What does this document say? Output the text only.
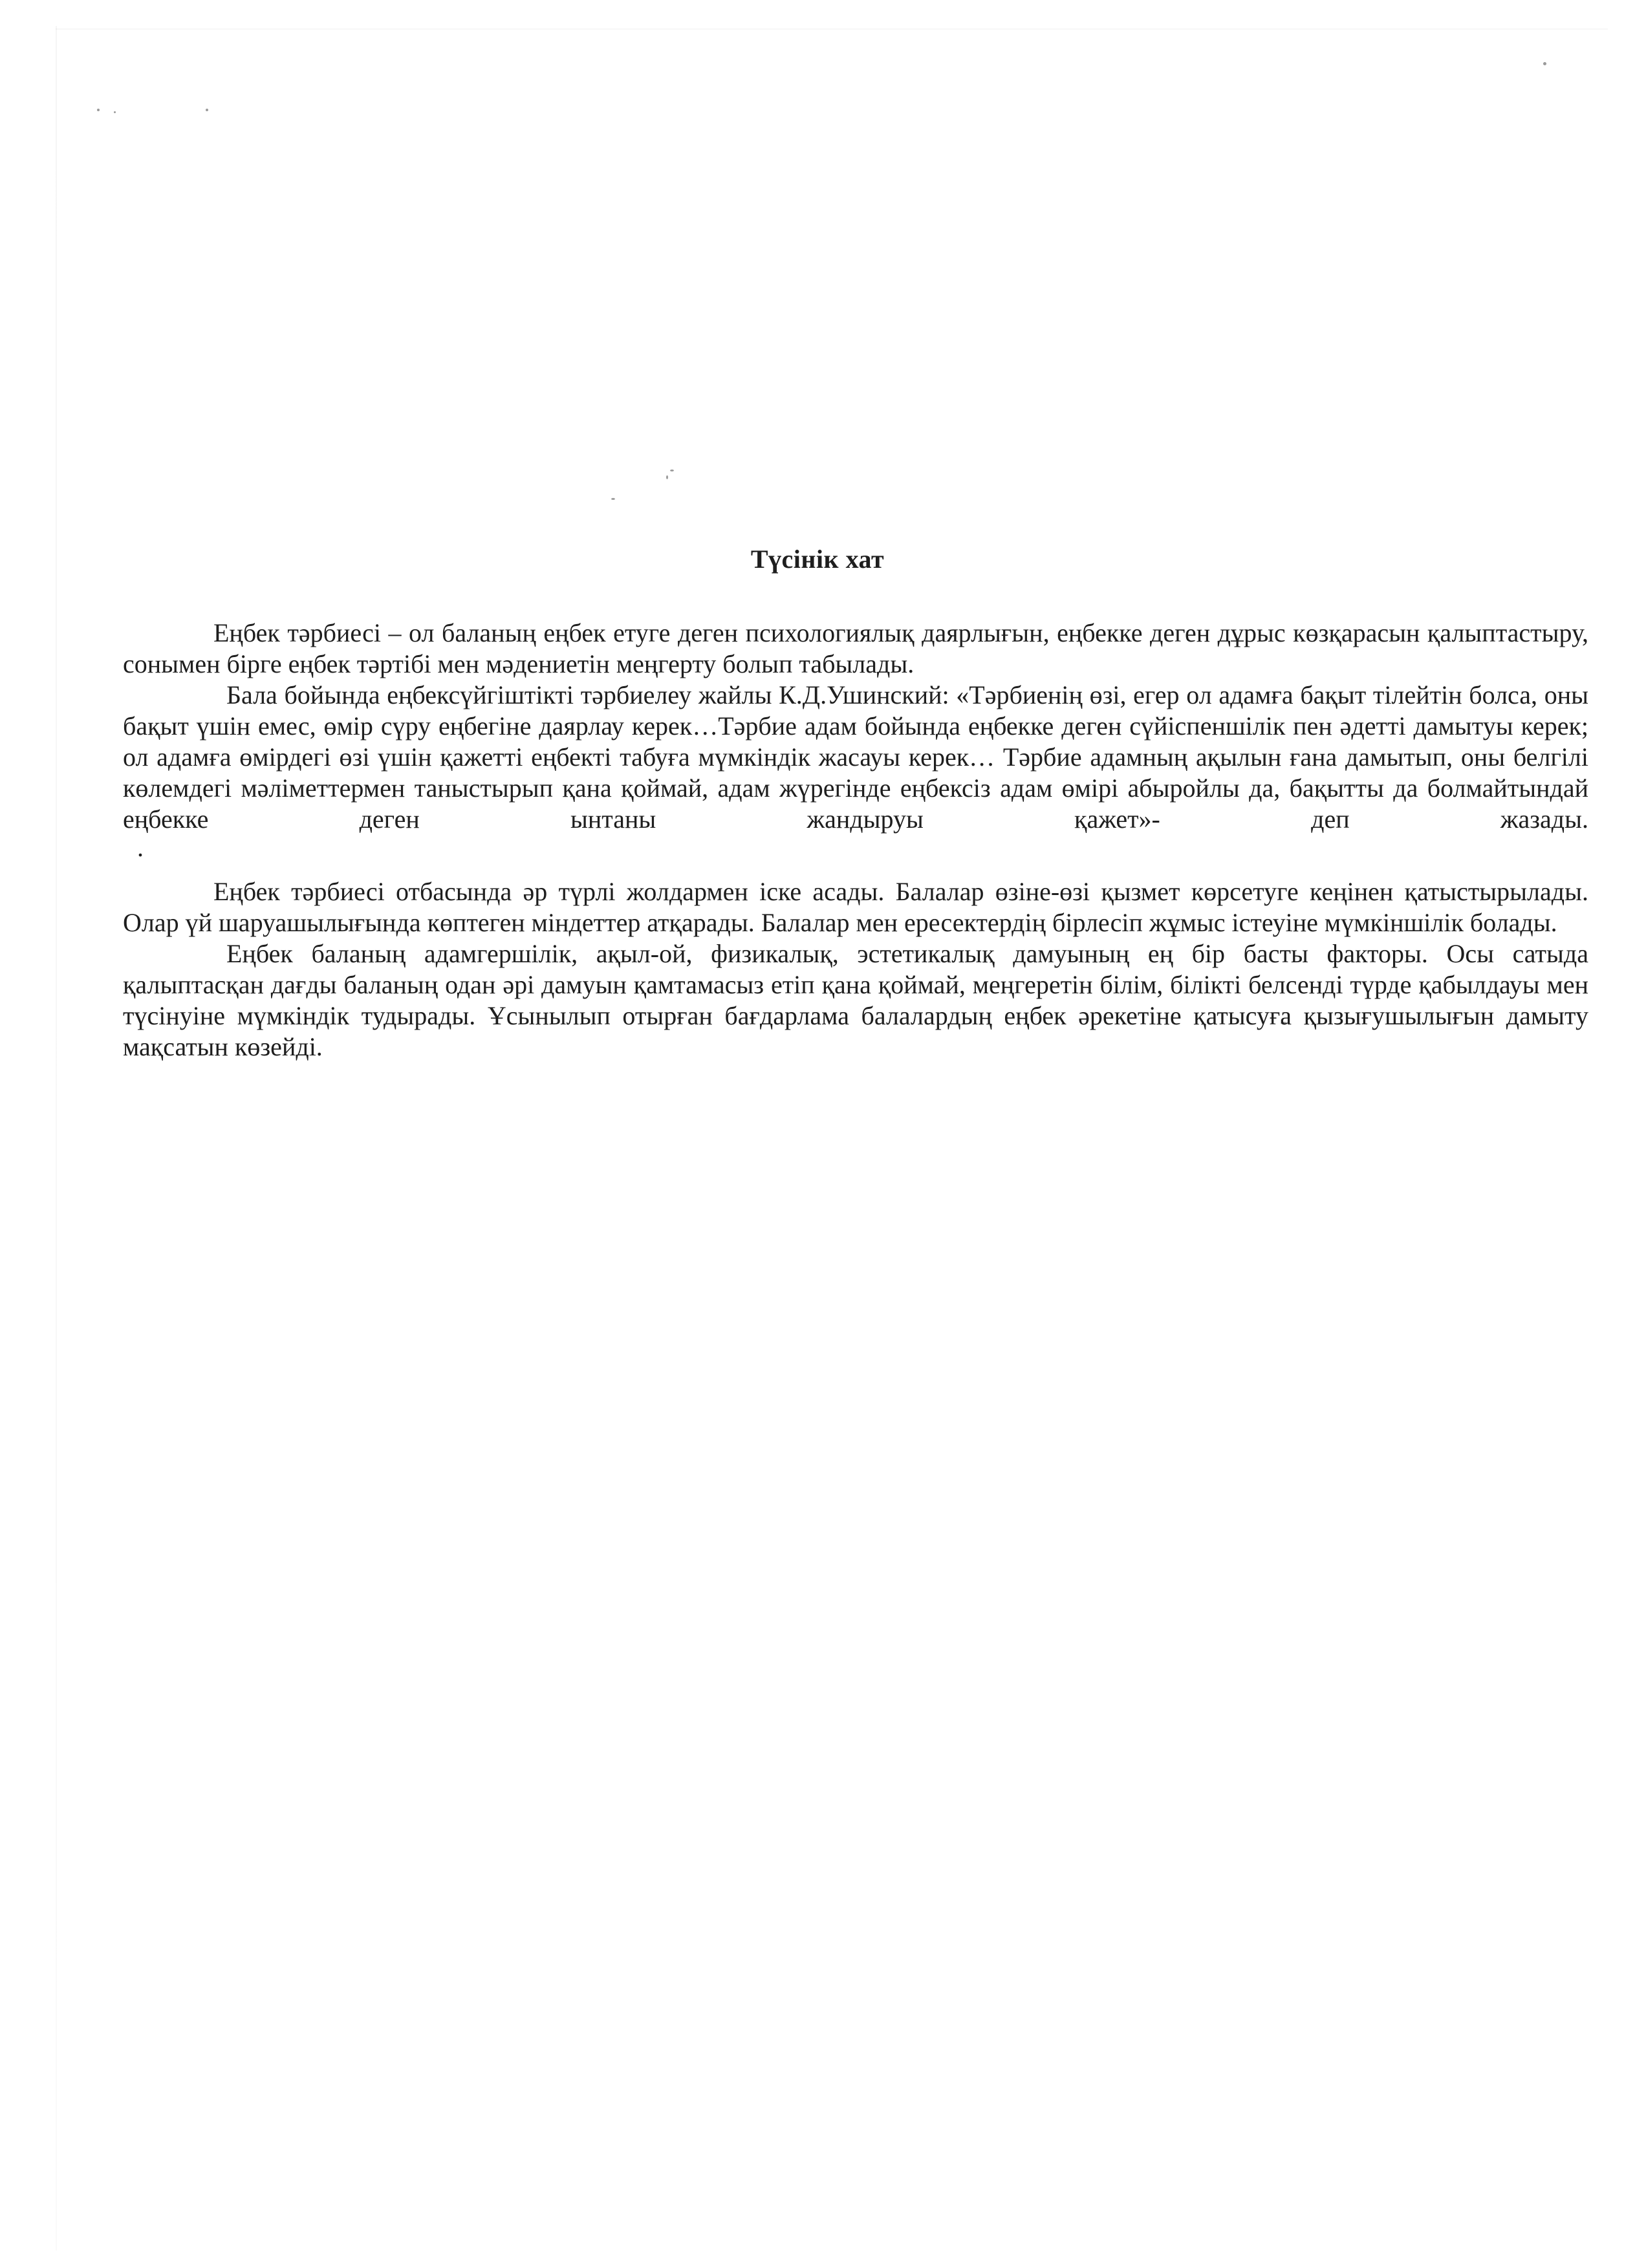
Түсінік хат

Еңбек тәрбиесі – ол баланың еңбек етуге деген психологиялық даярлығын, еңбекке деген дұрыс көзқарасын қалыптастыру, сонымен бірге еңбек тәртібі мен мәдениетін меңгерту болып табылады.

Бала бойында еңбексүйгіштікті тәрбиелеу жайлы К.Д.Ушинский: «Тәрбиенің өзі, егер ол адамға бақыт тілейтін болса, оны бақыт үшін емес, өмір сүру еңбегіне даярлау керек…Тәрбие адам бойында еңбекке деген сүйіспеншілік пен әдетті дамытуы керек; ол адамға өмірдегі өзі үшін қажетті еңбекті табуға мүмкіндік жасауы керек… Тәрбие адамның ақылын ғана дамытып, оны белгілі көлемдегі мәліметтермен таныстырып қана қоймай, адам жүрегінде еңбексіз адам өмірі абыройлы да, бақытты да болмайтындай еңбекке деген ынтаны жандыруы қажет»- деп жазады.

.

Еңбек тәрбиесі отбасында әр түрлі жолдармен іске асады. Балалар өзіне-өзі қызмет көрсетуге кеңінен қатыстырылады. Олар үй шаруашылығында көптеген міндеттер атқарады. Балалар мен ересектердің бірлесіп жұмыс істеуіне мүмкіншілік болады.

Еңбек баланың адамгершілік, ақыл-ой, физикалық, эстетикалық дамуының ең бір басты факторы. Осы сатыда қалыптасқан дағды баланың одан әрі дамуын қамтамасыз етіп қана қоймай, меңгеретін білім, білікті белсенді түрде қабылдауы мен түсінуіне мүмкіндік тудырады. Ұсынылып отырған бағдарлама балалардың еңбек әрекетіне қатысуға қызығушылығын дамыту мақсатын көзейді.
